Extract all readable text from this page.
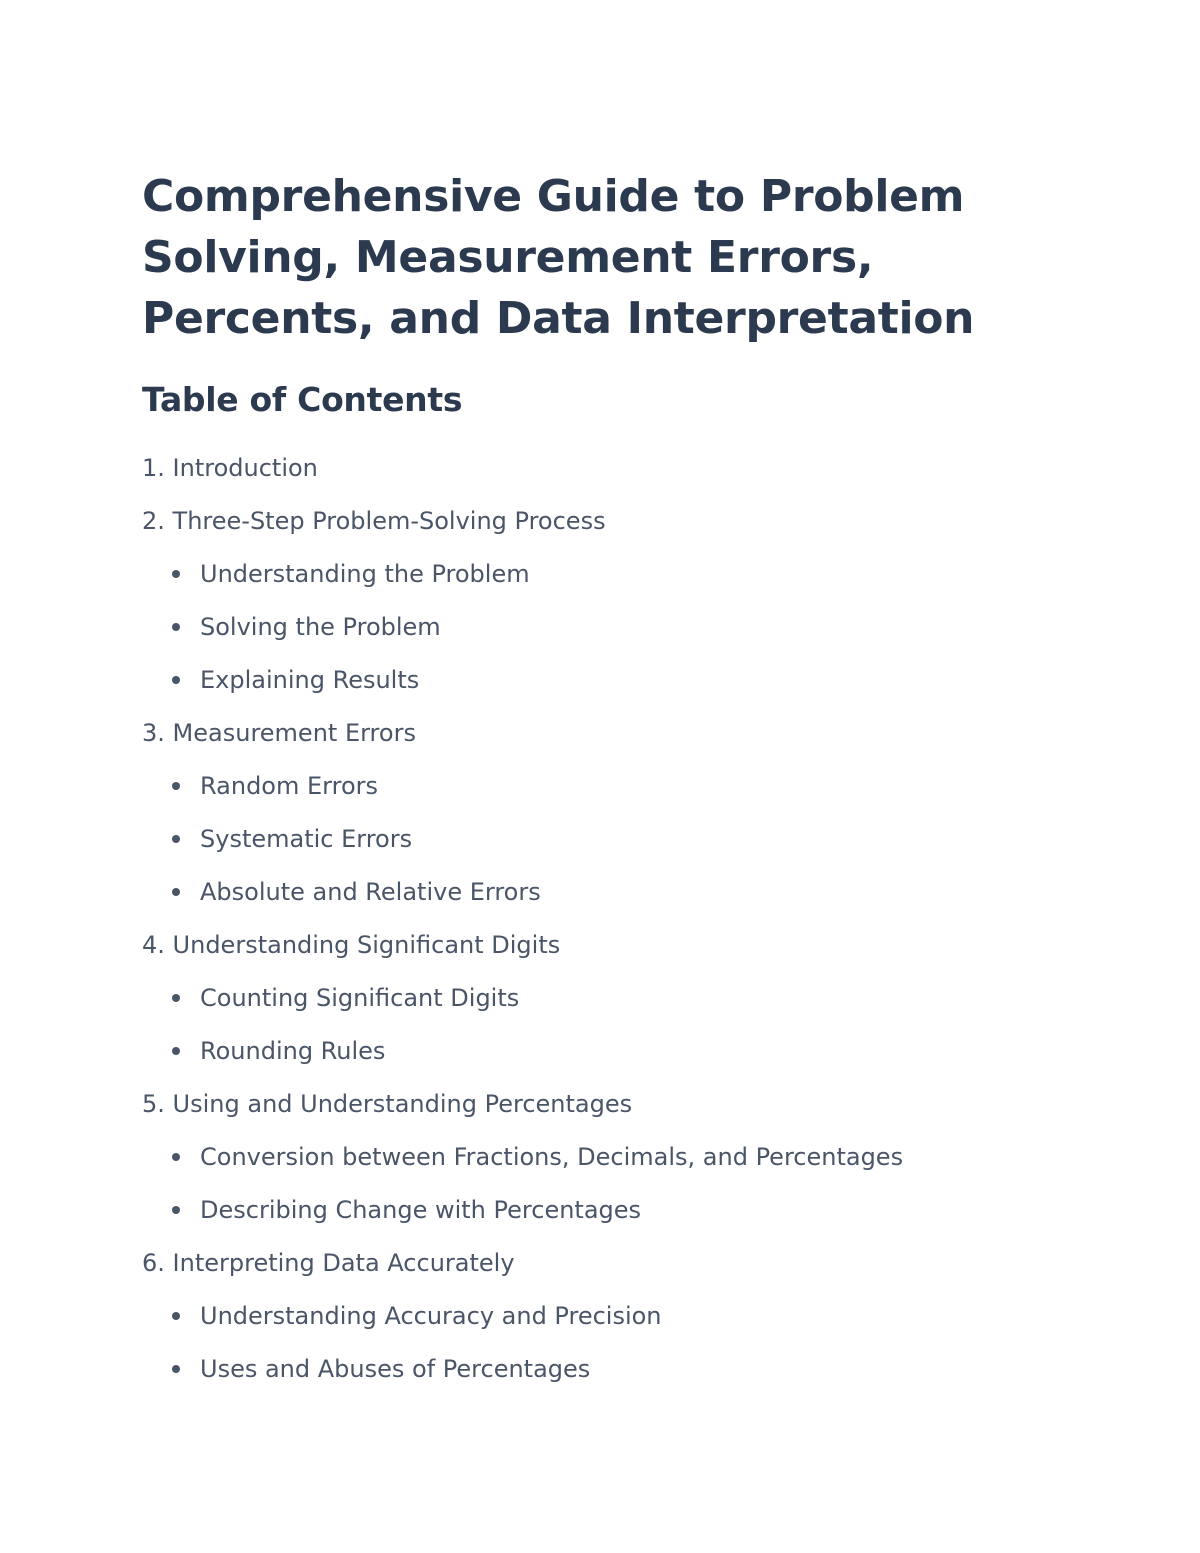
Comprehensive Guide to Problem Solving, Measurement Errors, Percents, and Data Interpretation
Table of Contents
1. Introduction
2. Three-Step Problem-Solving Process
Understanding the Problem
Solving the Problem
Explaining Results
3. Measurement Errors
Random Errors
Systematic Errors
Absolute and Relative Errors
4. Understanding Significant Digits
Counting Significant Digits
Rounding Rules
5. Using and Understanding Percentages
Conversion between Fractions, Decimals, and Percentages
Describing Change with Percentages
6. Interpreting Data Accurately
Understanding Accuracy and Precision
Uses and Abuses of Percentages
